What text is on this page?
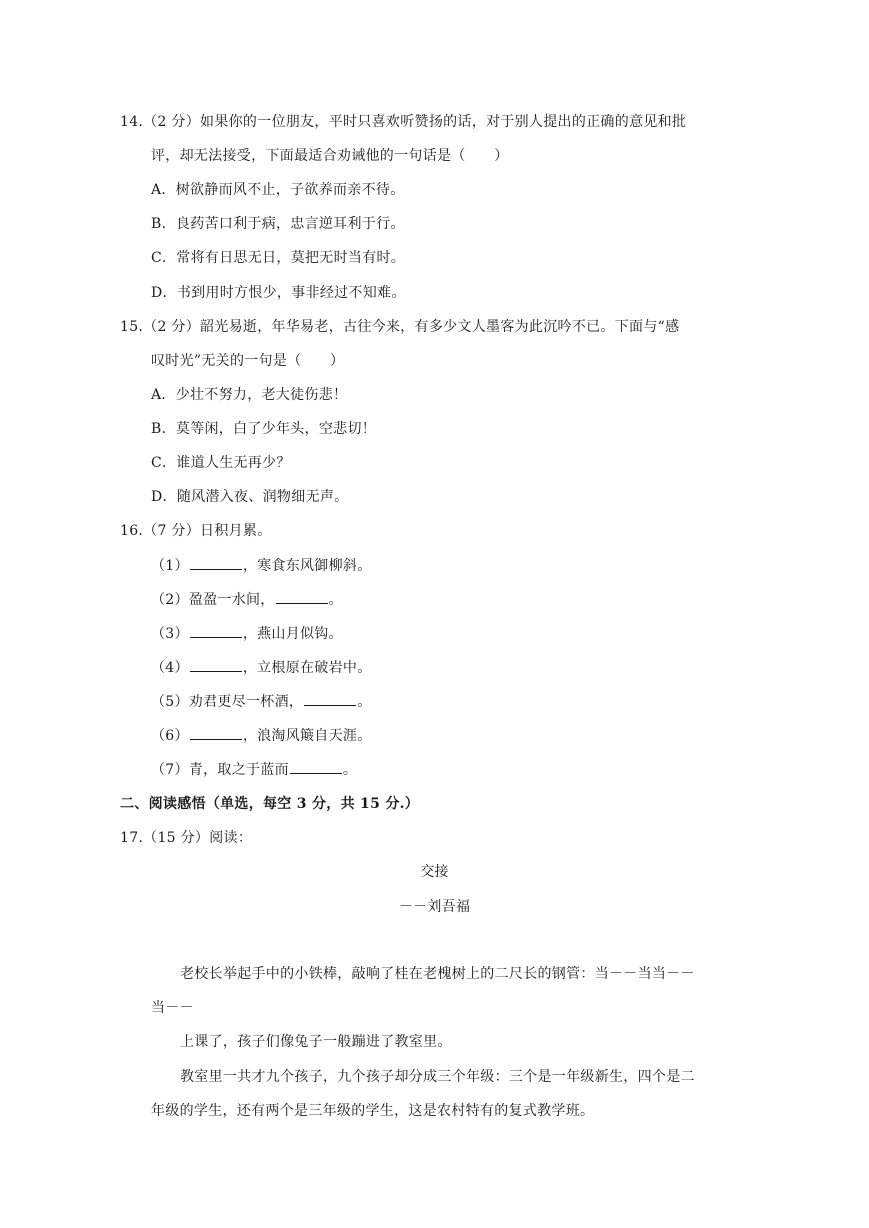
14.（2 分）如果你的一位朋友，平时只喜欢听赞扬的话，对于别人提出的正确的意见和批
评，却无法接受，下面最适合劝诫他的一句话是（　　）
A．树欲静而风不止，子欲养而亲不待。
B．良药苦口利于病，忠言逆耳利于行。
C．常将有日思无日，莫把无时当有时。
D．书到用时方恨少，事非经过不知难。
15.（2 分）韶光易逝，年华易老，古往今来，有多少文人墨客为此沉吟不已。下面与“感
叹时光”无关的一句是（　　）
A．少壮不努力，老大徒伤悲！
B．莫等闲，白了少年头，空悲切！
C．谁道人生无再少？
D．随风潜入夜、润物细无声。
16.（7 分）日积月累。
（1）	，寒食东风御柳斜。
（2）盈盈一水间，	。
（3）	，燕山月似钩。
（4）	，立根原在破岩中。
（5）劝君更尽一杯酒，	。
（6）	，浪淘风簸自天涯。
（7）青，取之于蓝而	。
二、阅读感悟（单选，每空 3 分，共 15 分.）
17.（15 分）阅读：
交接
－－刘吾福
老校长举起手中的小铁棒，敲响了桂在老槐树上的二尺长的钢管：当－－当当－－
当－－
上课了，孩子们像兔子一般蹦进了教室里。
教室里一共才九个孩子，九个孩子却分成三个年级：三个是一年级新生，四个是二
年级的学生，还有两个是三年级的学生，这是农村特有的复式教学班。
